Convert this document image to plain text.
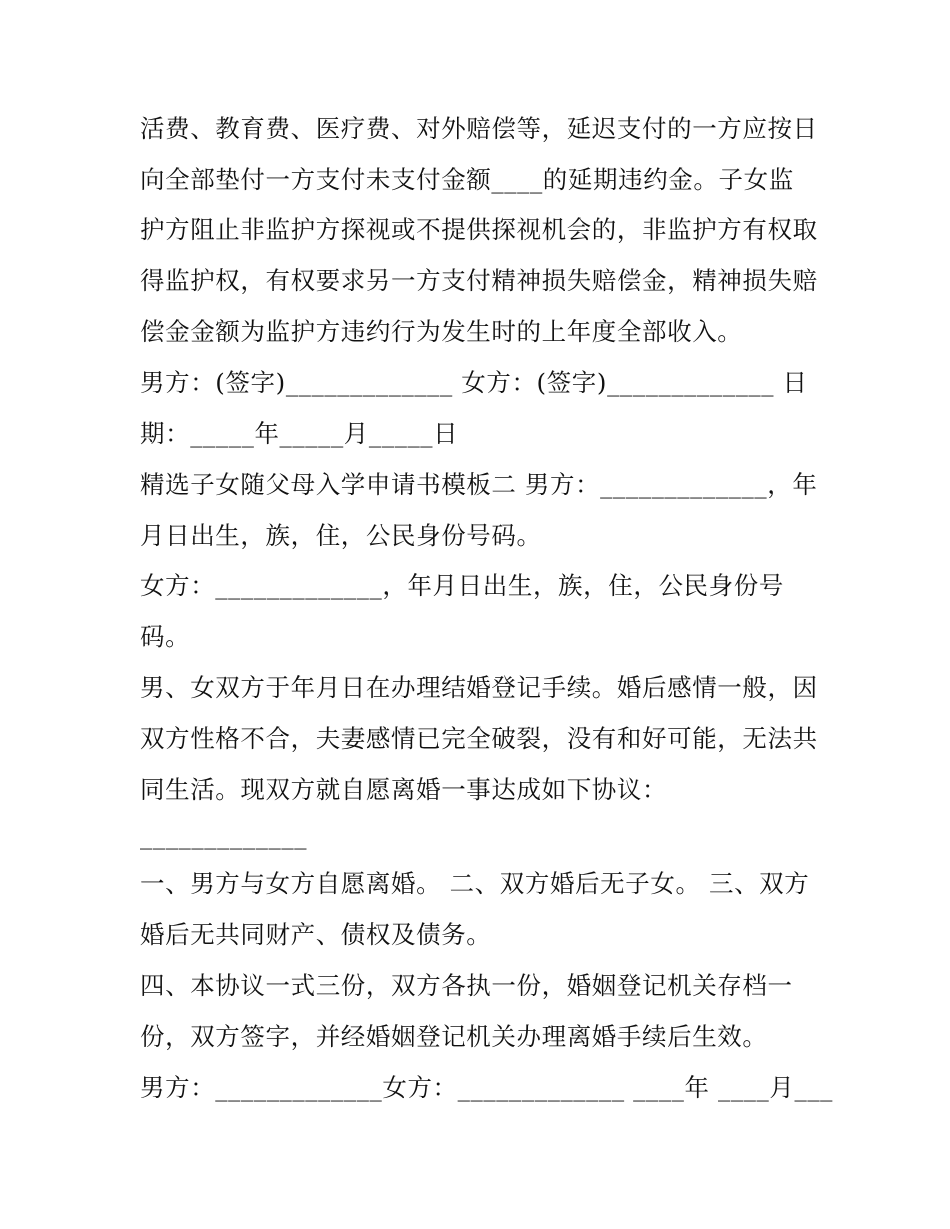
活费、教育费、医疗费、对外赔偿等，延迟支付的一方应按日
向全部垫付一方支付未支付金额____的延期违约金。子女监
护方阻止非监护方探视或不提供探视机会的，非监护方有权取
得监护权，有权要求另一方支付精神损失赔偿金，精神损失赔
偿金金额为监护方违约行为发生时的上年度全部收入。
男方：(签字)_____________ 女方：(签字)_____________ 日
期：_____年_____月_____日
精选子女随父母入学申请书模板二 男方：_____________，年
月日出生，族，住，公民身份号码。
女方：_____________，年月日出生，族，住，公民身份号
码。
男、女双方于年月日在办理结婚登记手续。婚后感情一般，因
双方性格不合，夫妻感情已完全破裂，没有和好可能，无法共
同生活。现双方就自愿离婚一事达成如下协议：
_____________
一、男方与女方自愿离婚。 二、双方婚后无子女。 三、双方
婚后无共同财产、债权及债务。
四、本协议一式三份，双方各执一份，婚姻登记机关存档一
份，双方签字，并经婚姻登记机关办理离婚手续后生效。
男方：_____________女方：_____________ ____年 ____月___
